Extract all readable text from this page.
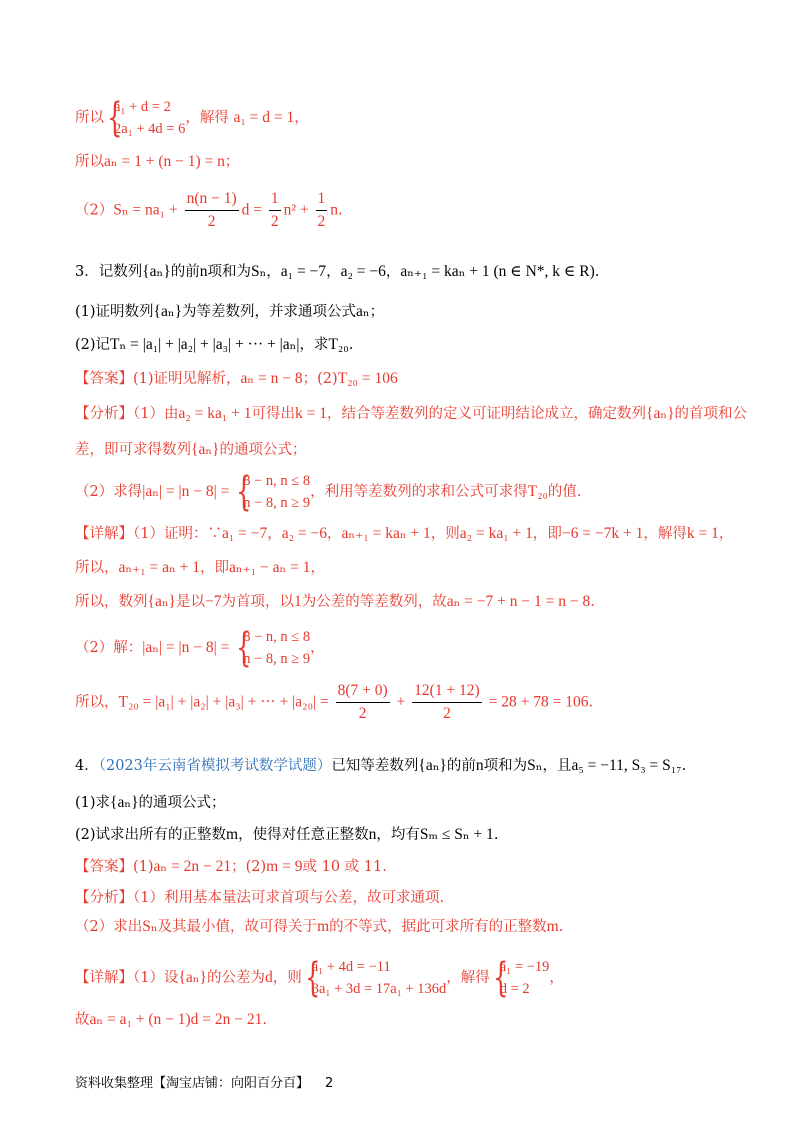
所以
{ a₁ + d = 2
2a₁ + 4d = 6
，解得 a₁ = d = 1，
所以aₙ = 1 + (n − 1) = n；
$(2)S_n = na_1 + \frac{n(n - 1)}{2}$ $d = \frac{1}{2} n^2 + \frac{1}{2} n$.
3．记数列{aₙ}的前n项和为Sₙ，a₁ = −7，a₂ = −6，aₙ₊₁ = kaₙ + 1 (n ∈ N*, k ∈ R).
(1)证明数列{aₙ}为等差数列，并求通项公式aₙ；
(2)记Tₙ = |a₁| + |a₂| + |a₃| + ··· + |aₙ|，求T₂₀.
【答案】(1)证明见解析，aₙ = n − 8；(2)T₂₀ = 106
【分析】（1）由a₂ = ka₁ + 1可得出k = 1，结合等差数列的定义可证明结论成立，确定数列{aₙ}的首项和公
差，即可求得数列{aₙ}的通项公式；
（2）求得|aₙ| = |n − 8| =
{ 8 − n, n ≤ 8
n − 8, n ≥ 9
，利用等差数列的求和公式可求得T₂₀的值.
【详解】（1）证明：∵a₁ = −7，a₂ = −6，aₙ₊₁ = kaₙ + 1，则a₂ = ka₁ + 1，即−6 = −7k + 1，解得k = 1，
所以，aₙ₊₁ = aₙ + 1，即aₙ₊₁ − aₙ = 1，
所以，数列{aₙ}是以−7为首项，以1为公差的等差数列，故aₙ = −7 + n − 1 = n − 8.
（2）解：|aₙ| = |n − 8| =
{ 8 − n, n ≤ 8
n − 8, n ≥ 9
，
所以，T₂₀ = |a₁| + |a₂| + |a₃| + ··· + $|a_{20}| = \frac{8(7 + 0)}{2} + \frac{12(1 + 12)}{2} = 28 + 78 = 106$.
4．（2023年云南省模拟考试数学试题）已知等差数列{aₙ}的前n项和为Sₙ，且a₅ = −11, S₃ = S₁₇.
(1)求{aₙ}的通项公式；
(2)试求出所有的正整数m，使得对任意正整数n，均有Sₘ ≤ Sₙ + 1.
【答案】(1)aₙ = 2n − 21；(2)m = 9或 10 或 11.
【分析】（1）利用基本量法可求首项与公差，故可求通项.
（2）求出Sₙ及其最小值，故可得关于m的不等式，据此可求所有的正整数m.
【详解】（1）设{aₙ}的公差为d，则
{ a₁ + 4d = −11
3a₁ + 3d = 17a₁ + 136d
，解得
{ a₁ = −19
d = 2
，
故aₙ = a₁ + (n − 1)d = 2n − 21.
资料收集整理【淘宝店铺：向阳百分百】 2
